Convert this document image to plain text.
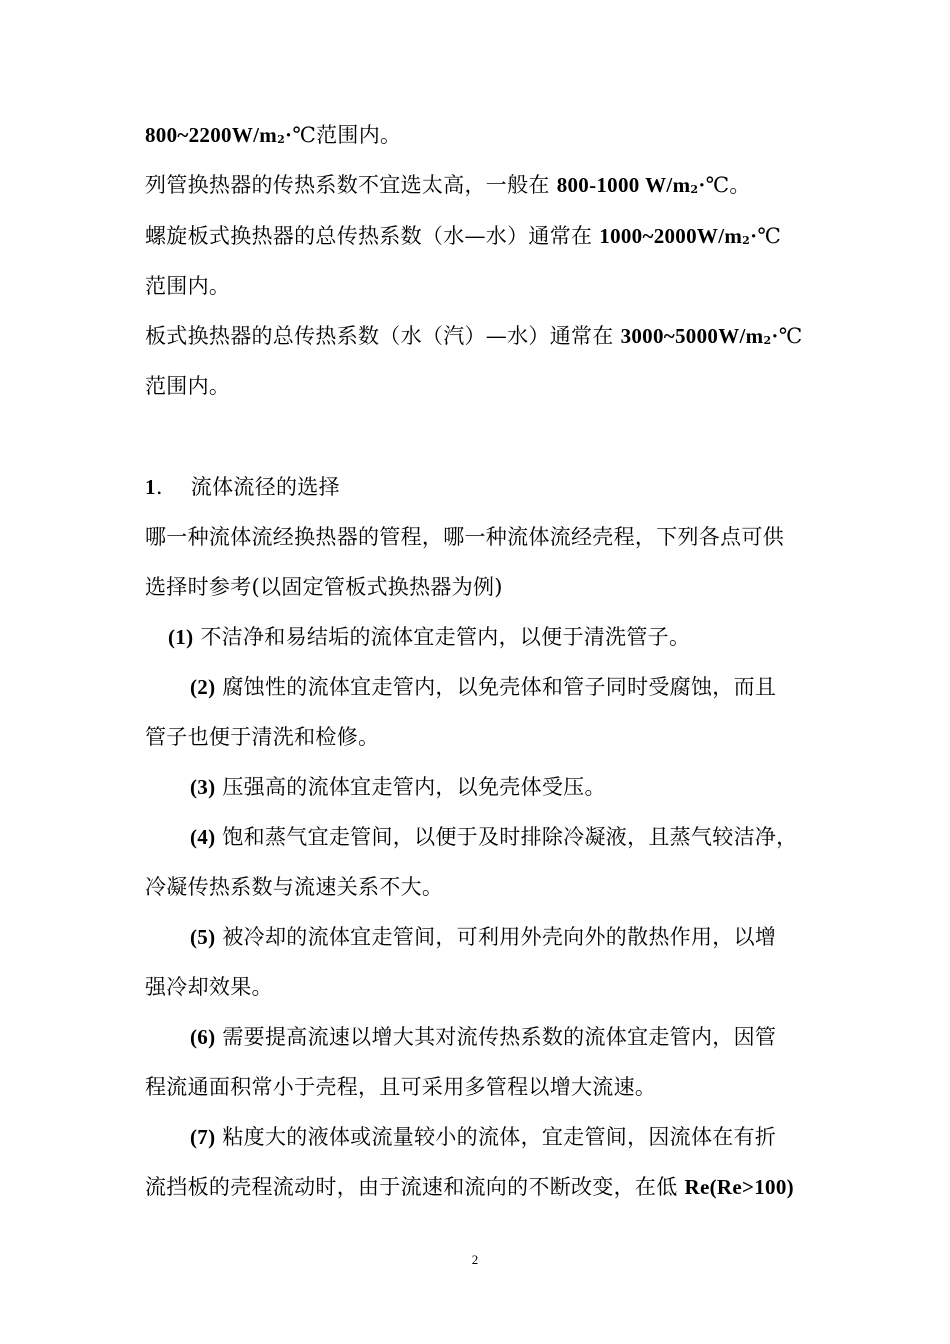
$800\sim 2200W/m^2\cdot℃$范围内。
列管换热器的传热系数不宜选太高，一般在 800-1000 $W/m^2\cdot℃$。
螺旋板式换热器的总传热系数（水—水）通常在 $1000\sim 2000W/m^2\cdot℃$
范围内。
板式换热器的总传热系数（水（汽）—水）通常在 $3000\sim 5000W/m^2\cdot℃$
范围内。
1. 流体流径的选择
哪一种流体流经换热器的管程，哪一种流体流经壳程，下列各点可供
选择时参考(以固定管板式换热器为例)
(1) 不洁净和易结垢的流体宜走管内，以便于清洗管子。
(2) 腐蚀性的流体宜走管内，以免壳体和管子同时受腐蚀，而且
管子也便于清洗和检修。
(3) 压强高的流体宜走管内，以免壳体受压。
(4) 饱和蒸气宜走管间，以便于及时排除冷凝液，且蒸气较洁净，
冷凝传热系数与流速关系不大。
(5) 被冷却的流体宜走管间，可利用外壳向外的散热作用，以增
强冷却效果。
(6) 需要提高流速以增大其对流传热系数的流体宜走管内，因管
程流通面积常小于壳程，且可采用多管程以增大流速。
(7) 粘度大的液体或流量较小的流体，宜走管间，因流体在有折
流挡板的壳程流动时，由于流速和流向的不断改变，在低 Re(Re>100)
2
